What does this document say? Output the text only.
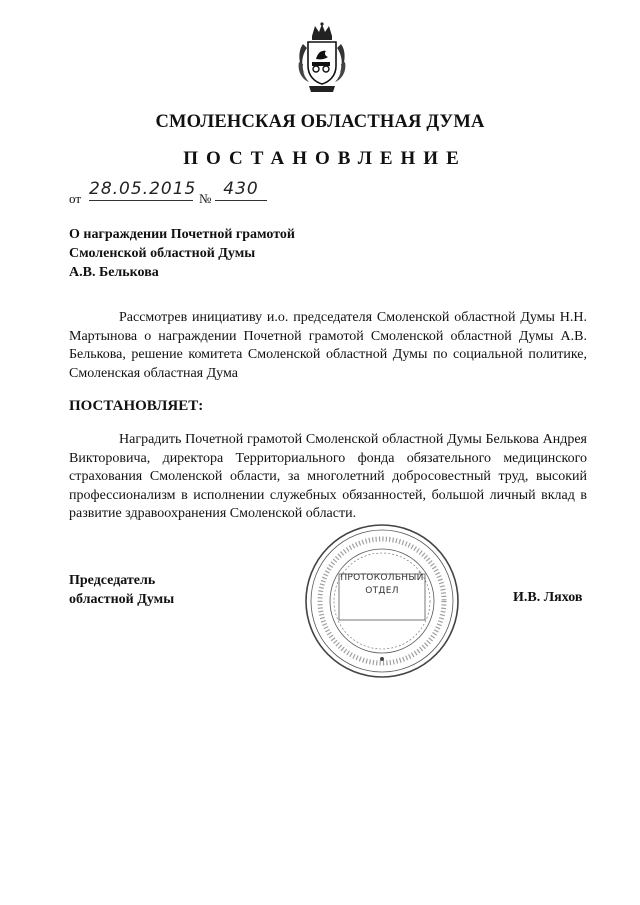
СМОЛЕНСКАЯ ОБЛАСТНАЯ ДУМА
ПОСТАНОВЛЕНИЕ
от 28.05.2015 № 430
О награждении Почетной грамотой
Смоленской областной Думы
А.В. Белькова
Рассмотрев инициативу и.о. председателя Смоленской областной Думы Н.Н. Мартынова о награждении Почетной грамотой Смоленской областной Думы А.В. Белькова, решение комитета Смоленской областной Думы по социальной политике, Смоленская областная Дума
ПОСТАНОВЛЯЕТ:
Наградить Почетной грамотой Смоленской областной Думы Белькова Андрея Викторовича, директора Территориального фонда обязательного медицинского страхования Смоленской области, за многолетний добросовестный труд, высокий профессионализм в исполнении служебных обязанностей, большой личный вклад в развитие здравоохранения Смоленской области.
Председатель
областной Думы	И.В. Ляхов
ПРОТОКОЛЬНЫЙ
ОТДЕЛ
